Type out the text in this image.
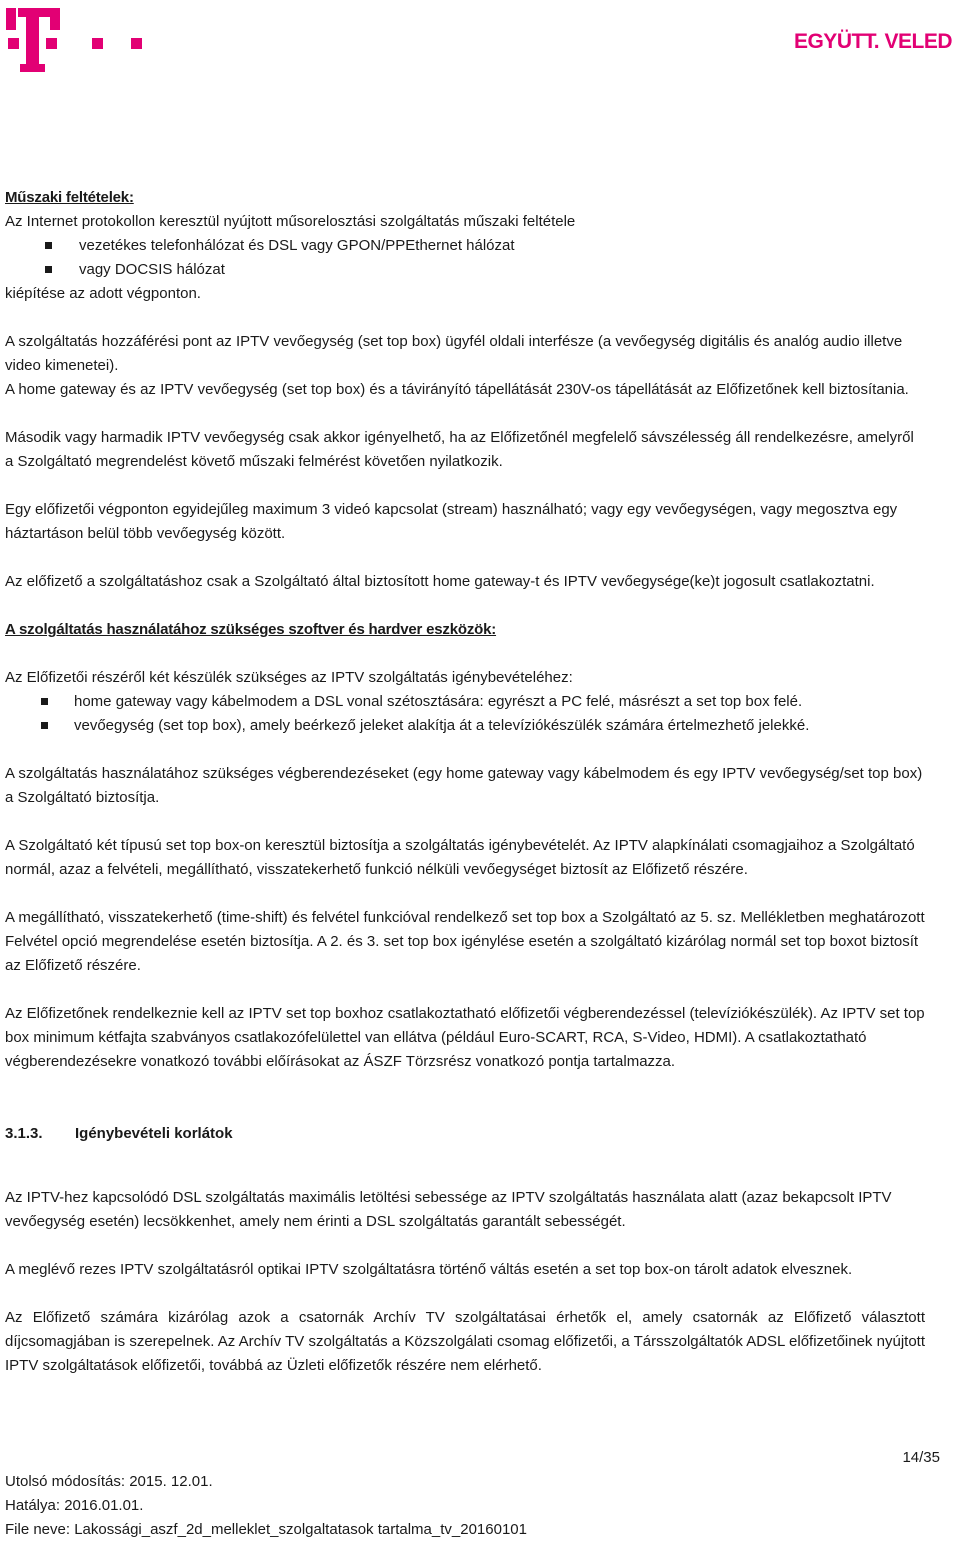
EGYÜTT. VELED

Műszaki feltételek:

Az Internet protokollon keresztül nyújtott műsorelosztási szolgáltatás műszaki feltétele

vezetékes telefonhálózat és DSL vagy GPON/PPEthernet hálózat
vagy DOCSIS hálózat

kiépítése az adott végponton.

A szolgáltatás hozzáférési pont az IPTV vevőegység (set top box) ügyfél oldali interfésze (a vevőegység digitális és analóg audio illetve video kimenetei).

A home gateway és az IPTV vevőegység (set top box) és a távirányító tápellátását 230V-os tápellátását az Előfizetőnek kell biztosítania.

Második vagy harmadik IPTV vevőegység csak akkor igényelhető, ha az Előfizetőnél megfelelő sávszélesség áll rendelkezésre, amelyről a Szolgáltató megrendelést követő műszaki felmérést követően nyilatkozik.

Egy előfizetői végponton egyidejűleg maximum 3 videó kapcsolat (stream) használható; vagy egy vevőegységen, vagy megosztva egy háztartáson belül több vevőegység között.

Az előfizető a szolgáltatáshoz csak a Szolgáltató által biztosított home gateway-t és IPTV vevőegysége(ke)t jogosult csatlakoztatni.

A szolgáltatás használatához szükséges szoftver és hardver eszközök:

Az Előfizetői részéről két készülék szükséges az IPTV szolgáltatás igénybevételéhez:

home gateway vagy kábelmodem a DSL vonal szétosztására: egyrészt a PC felé, másrészt a set top box felé.
vevőegység (set top box), amely beérkező jeleket alakítja át a televíziókészülék számára értelmezhető jelekké.

A szolgáltatás használatához szükséges végberendezéseket (egy home gateway vagy kábelmodem és egy IPTV vevőegység/set top box) a Szolgáltató biztosítja.

A Szolgáltató két típusú set top box-on keresztül biztosítja a szolgáltatás igénybevételét. Az IPTV alapkínálati csomagjaihoz a Szolgáltató normál, azaz a felvételi, megállítható, visszatekerhető funkció nélküli vevőegységet biztosít az Előfizető részére.

A megállítható, visszatekerhető (time-shift) és felvétel funkcióval rendelkező set top box a Szolgáltató az 5. sz. Mellékletben meghatározott Felvétel opció megrendelése esetén biztosítja. A 2. és 3. set top box igénylése esetén a szolgáltató kizárólag normál set top boxot biztosít az Előfizető részére.

Az Előfizetőnek rendelkeznie kell az IPTV set top boxhoz csatlakoztatható előfizetői végberendezéssel (televíziókészülék). Az IPTV set top box minimum kétfajta szabványos csatlakozófelülettel van ellátva (például Euro-SCART, RCA, S-Video, HDMI). A csatlakoztatható végberendezésekre vonatkozó további előírásokat az ÁSZF Törzsrész vonatkozó pontja tartalmazza.

3.1.3.	Igénybevételi korlátok

Az IPTV-hez kapcsolódó DSL szolgáltatás maximális letöltési sebessége az IPTV szolgáltatás használata alatt (azaz bekapcsolt IPTV vevőegység esetén) lecsökkenhet, amely nem érinti a DSL szolgáltatás garantált sebességét.

A meglévő rezes IPTV szolgáltatásról optikai IPTV szolgáltatásra történő váltás esetén a set top box-on tárolt adatok elvesznek.

Az Előfizető számára kizárólag azok a csatornák Archív TV szolgáltatásai érhetők el, amely csatornák az Előfizető választott díjcsomagjában is szerepelnek. Az Archív TV szolgáltatás a Közszolgálati csomag előfizetői, a Társszolgáltatók ADSL előfizetőinek nyújtott IPTV szolgáltatások előfizetői, továbbá az Üzleti előfizetők részére nem elérhető.

14/35
Utolsó módosítás: 2015. 12.01.
Hatálya: 2016.01.01.
File neve: Lakossági_aszf_2d_melleklet_szolgaltatasok tartalma_tv_20160101
